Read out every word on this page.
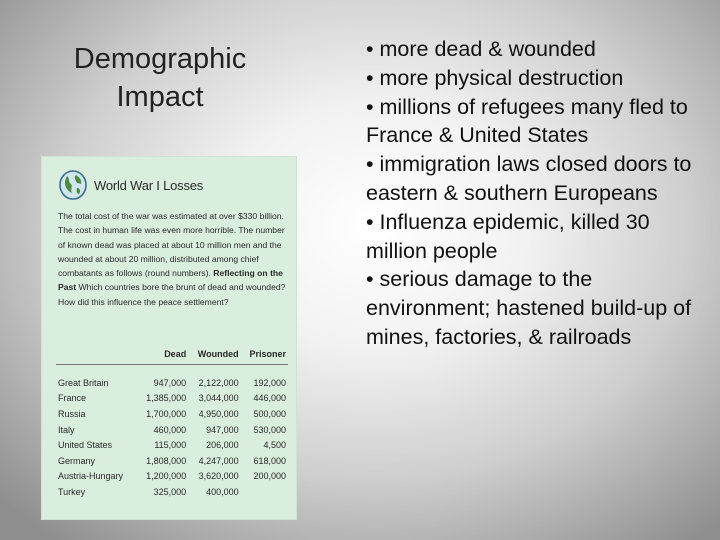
Demographic
Impact
World War I Losses
The total cost of the war was estimated at over $330 billion. The cost in human life was even more horrible. The number of known dead was placed at about 10 million men and the wounded at about 20 million, distributed among chief combatants as follows (round numbers). Reflecting on the Past Which countries bore the brunt of dead and wounded? How did this influence the peace settlement?
	Dead	Wounded	Prisoner
Great Britain	947,000	2,122,000	192,000
France	1,385,000	3,044,000	446,000
Russia	1,700,000	4,950,000	500,000
Italy	460,000	947,000	530,000
United States	115,000	206,000	4,500
Germany	1,808,000	4,247,000	618,000
Austria-Hungary	1,200,000	3,620,000	200,000
Turkey	325,000	400,000	

• more dead & wounded

• more physical destruction

• millions of refugees many fled to France & United States

• immigration laws closed doors to eastern & southern Europeans

• Influenza epidemic, killed 30 million people

• serious damage to the environment; hastened build-up of mines, factories, & railroads
